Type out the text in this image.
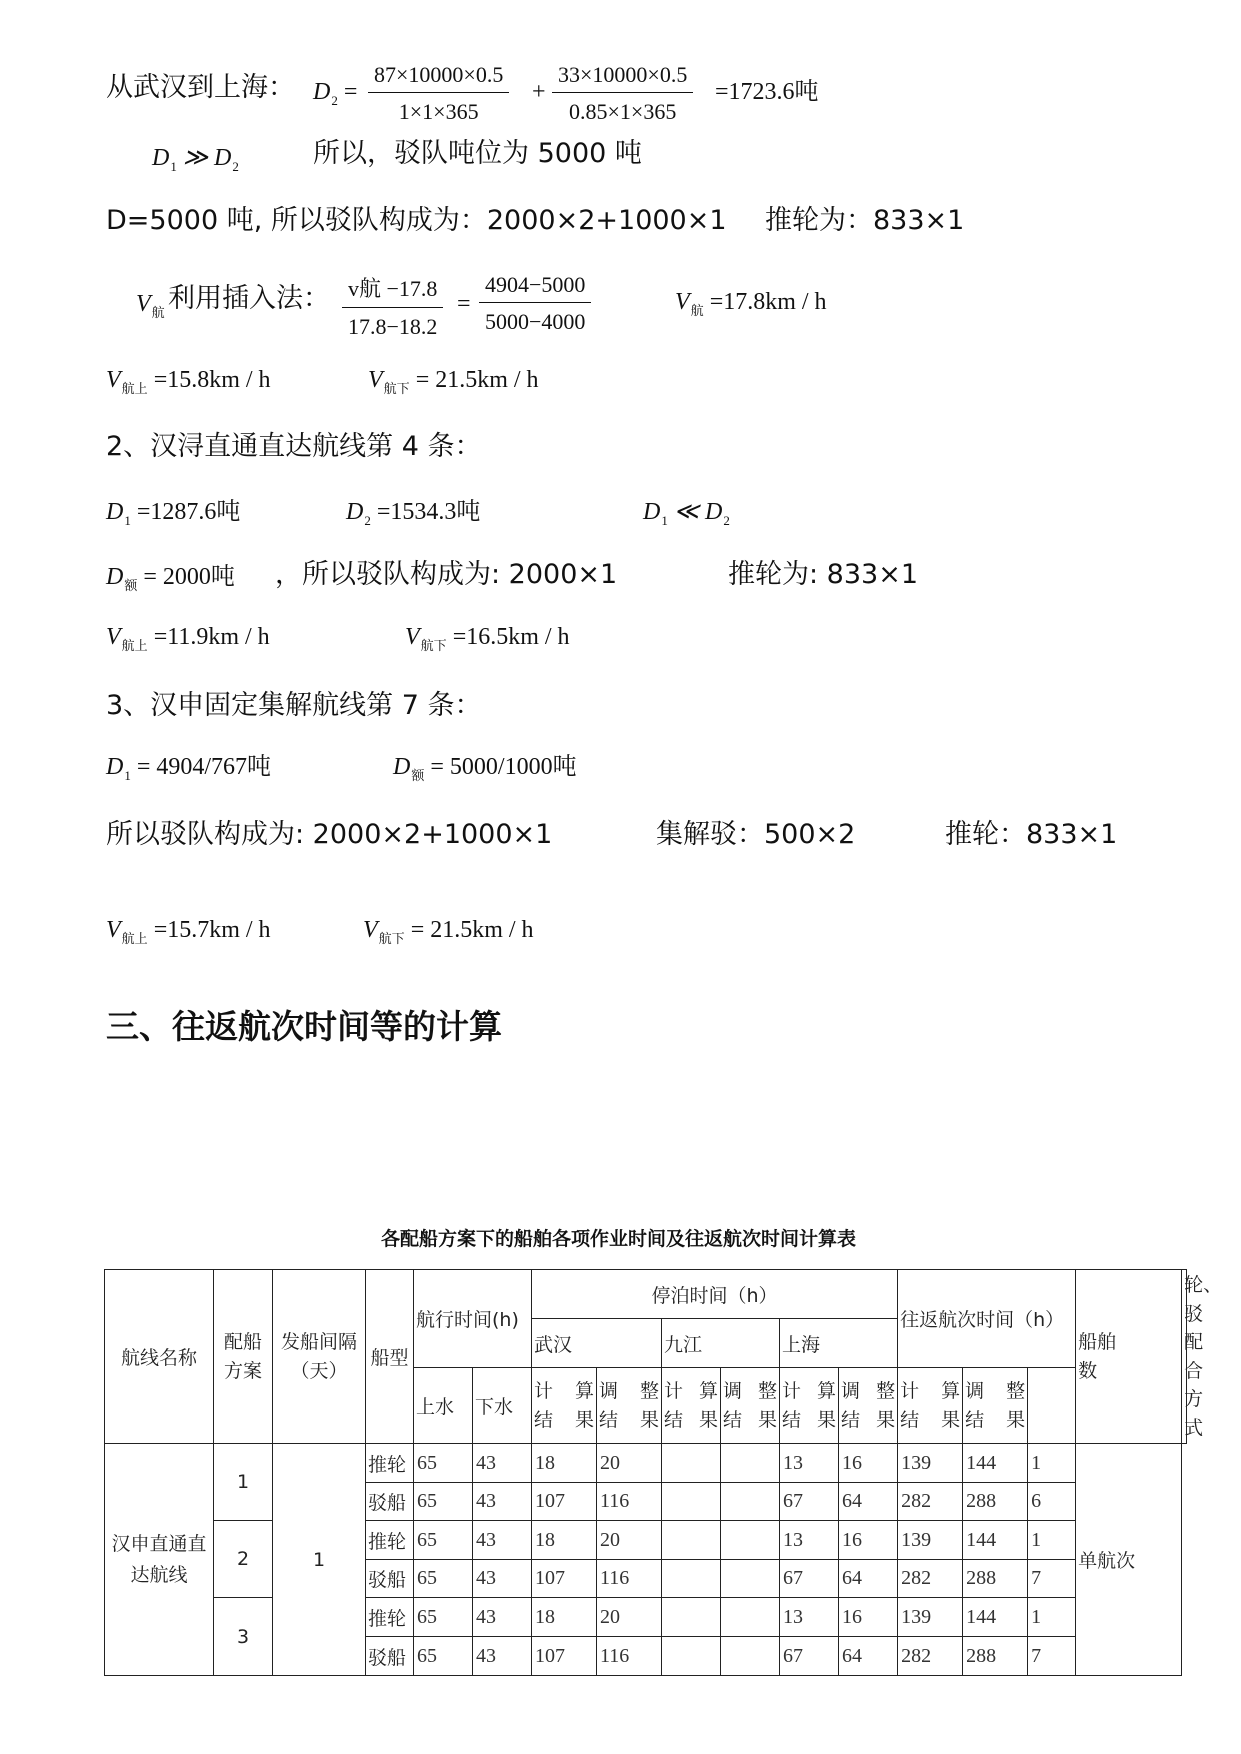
从武汉到上海： $D_2 = \frac{87\times 10000\times 0.5}{1\times 1\times 365} + \frac{33\times 10000\times 0.5}{0.85\times 1\times 365} =1723.6$吨
$D_1$ ≫ $D_2$	所以，驳队吨位为 5000 吨
D=5000 吨, 所以驳队构成为：2000×2+1000×1 推轮为：833×1
$V_航$ 利用插入法： v航 −17.8
17.8−18.2
= $\frac{4904-5000}{5000-4000}$	$V_航 =17.8km / h$
$V_{航上} =15.8km / h$	$V_{航下} = 21.5km / h$
2、汉浔直通直达航线第 4 条：
$D_1 =1287.6$吨	$D_2 =1534.3$吨	$D_1$ ≪ $D_2$
$D_额 = 2000$吨 ，所以驳队构成为: 2000×1	推轮为: 833×1
$V_{航上} =11.9km / h$	$V_{航下} =16.5km / h$
3、汉申固定集解航线第 7 条：
$D_1 = 4904/767$吨	$D_额 = 5000/1000$吨
所以驳队构成为: 2000×2+1000×1	集解驳：500×2	推轮：833×1
$V_{航上} =15.7km / h$	$V_{航下} = 21.5km / h$
三、往返航次时间等的计算
各配船方案下的船舶各项作业时间及往返航次时间计算表
航线名称	配船方案	发船间隔（天）	船型	航行时间(h)		停泊时间（h）						往返航次时间（h）			船舶数	轮、驳配合方式

						武汉		九江		上海						
				上水	下水	计 算结果	调 整结果	计 算结果	调 整结果	计 算结果	调 整结果	计 算结果	调 整结果			

汉申直通直达航线	1	1	推轮	65	43	18	20			13	16	139	144	1	单航次	
			驳船	65	43	107	116			67	64	282	288	6		
	2		推轮	65	43	18	20			13	16	139	144	1		
			驳船	65	43	107	116			67	64	282	288	7		
	3		推轮	65	43	18	20			13	16	139	144	1		
			驳船	65	43	107	116			67	64	282	288	7		
